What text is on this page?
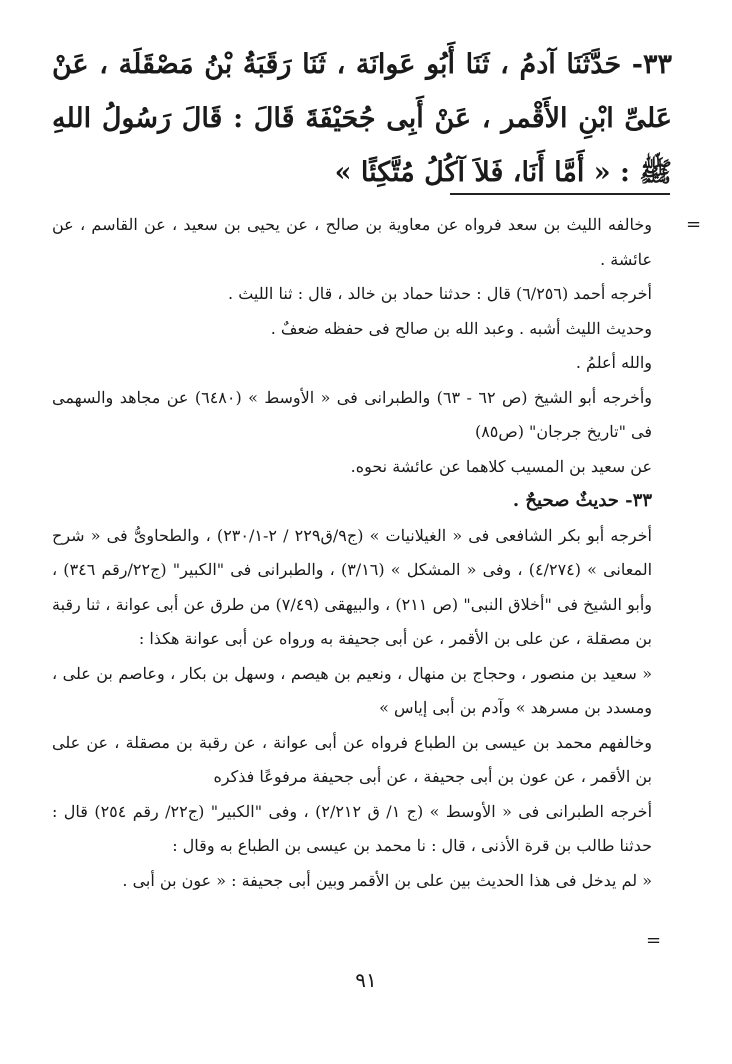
٣٣- حَدَّثَنَا آدمُ ، ثَنَا أَبُو عَوانَة ، ثَنَا رَقَبَةُ بْنُ مَصْقَلَة ، عَنْ عَلىِّ ابْنِ الأَقْمر ، عَنْ أَبِى جُحَيْفَةَ قَالَ : قَالَ رَسُولُ اللهِ ﷺ : « أَمَّا أَنَا، فَلاَ آكُلُ مُتَّكِئًا »
=

وخالفه الليث بن سعد فرواه عن معاوية بن صالح ، عن يحيى بن سعيد ، عن القاسم ، عن عائشة .

أخرجه أحمد (٦/٢٥٦) قال : حدثنا حماد بن خالد ، قال : ثنا الليث .

وحديث الليث أشبه . وعبد الله بن صالح فى حفظه ضعفٌ .

والله أعلمُ .

وأخرجه أبو الشيخ (ص ٦٢ - ٦٣) والطبرانى فى « الأوسط » (٦٤٨٠) عن مجاهد والسهمى فى "تاريخ جرجان" (ص٨٥)

عن سعيد بن المسيب كلاهما عن عائشة نحوه.

٣٣- حديثٌ صحيحٌ .

أخرجه أبو بكر الشافعى فى « الغيلانيات » (ج٩/ق٢٢٩ / ٢-٢٣٠/١) ، والطحاوىُّ فى « شرح المعانى » (٤/٢٧٤) ، وفى « المشكل » (٣/١٦) ، والطبرانى فى "الكبير" (ج٢٢/رقم ٣٤٦) ، وأبو الشيخ فى "أخلاق النبى" (ص ٢١١) ، والبيهقى (٧/٤٩) من طرق عن أبى عوانة ، ثنا رقبة بن مصقلة ، عن على بن الأقمر ، عن أبى جحيفة به ورواه عن أبى عوانة هكذا :

« سعيد بن منصور ، وحجاج بن منهال ، ونعيم بن هيصم ، وسهل بن بكار ، وعاصم بن على ، ومسدد بن مسرهد » وآدم بن أبى إياس »

وخالفهم محمد بن عيسى بن الطباع فرواه عن أبى عوانة ، عن رقبة بن مصقلة ، عن على بن الأقمر ، عن عون بن أبى جحيفة ، عن أبى جحيفة مرفوعًا فذكره

أخرجه الطبرانى فى « الأوسط » (ج ١/ ق ٢/٢١٢) ، وفى "الكبير" (ج٢٢/ رقم ٢٥٤) قال : حدثنا طالب بن قرة الأذنى ، قال : نا محمد بن عيسى بن الطباع به وقال :

« لم يدخل فى هذا الحديث بين على بن الأقمر وبين أبى جحيفة : « عون بن أبى .

=
٩١
